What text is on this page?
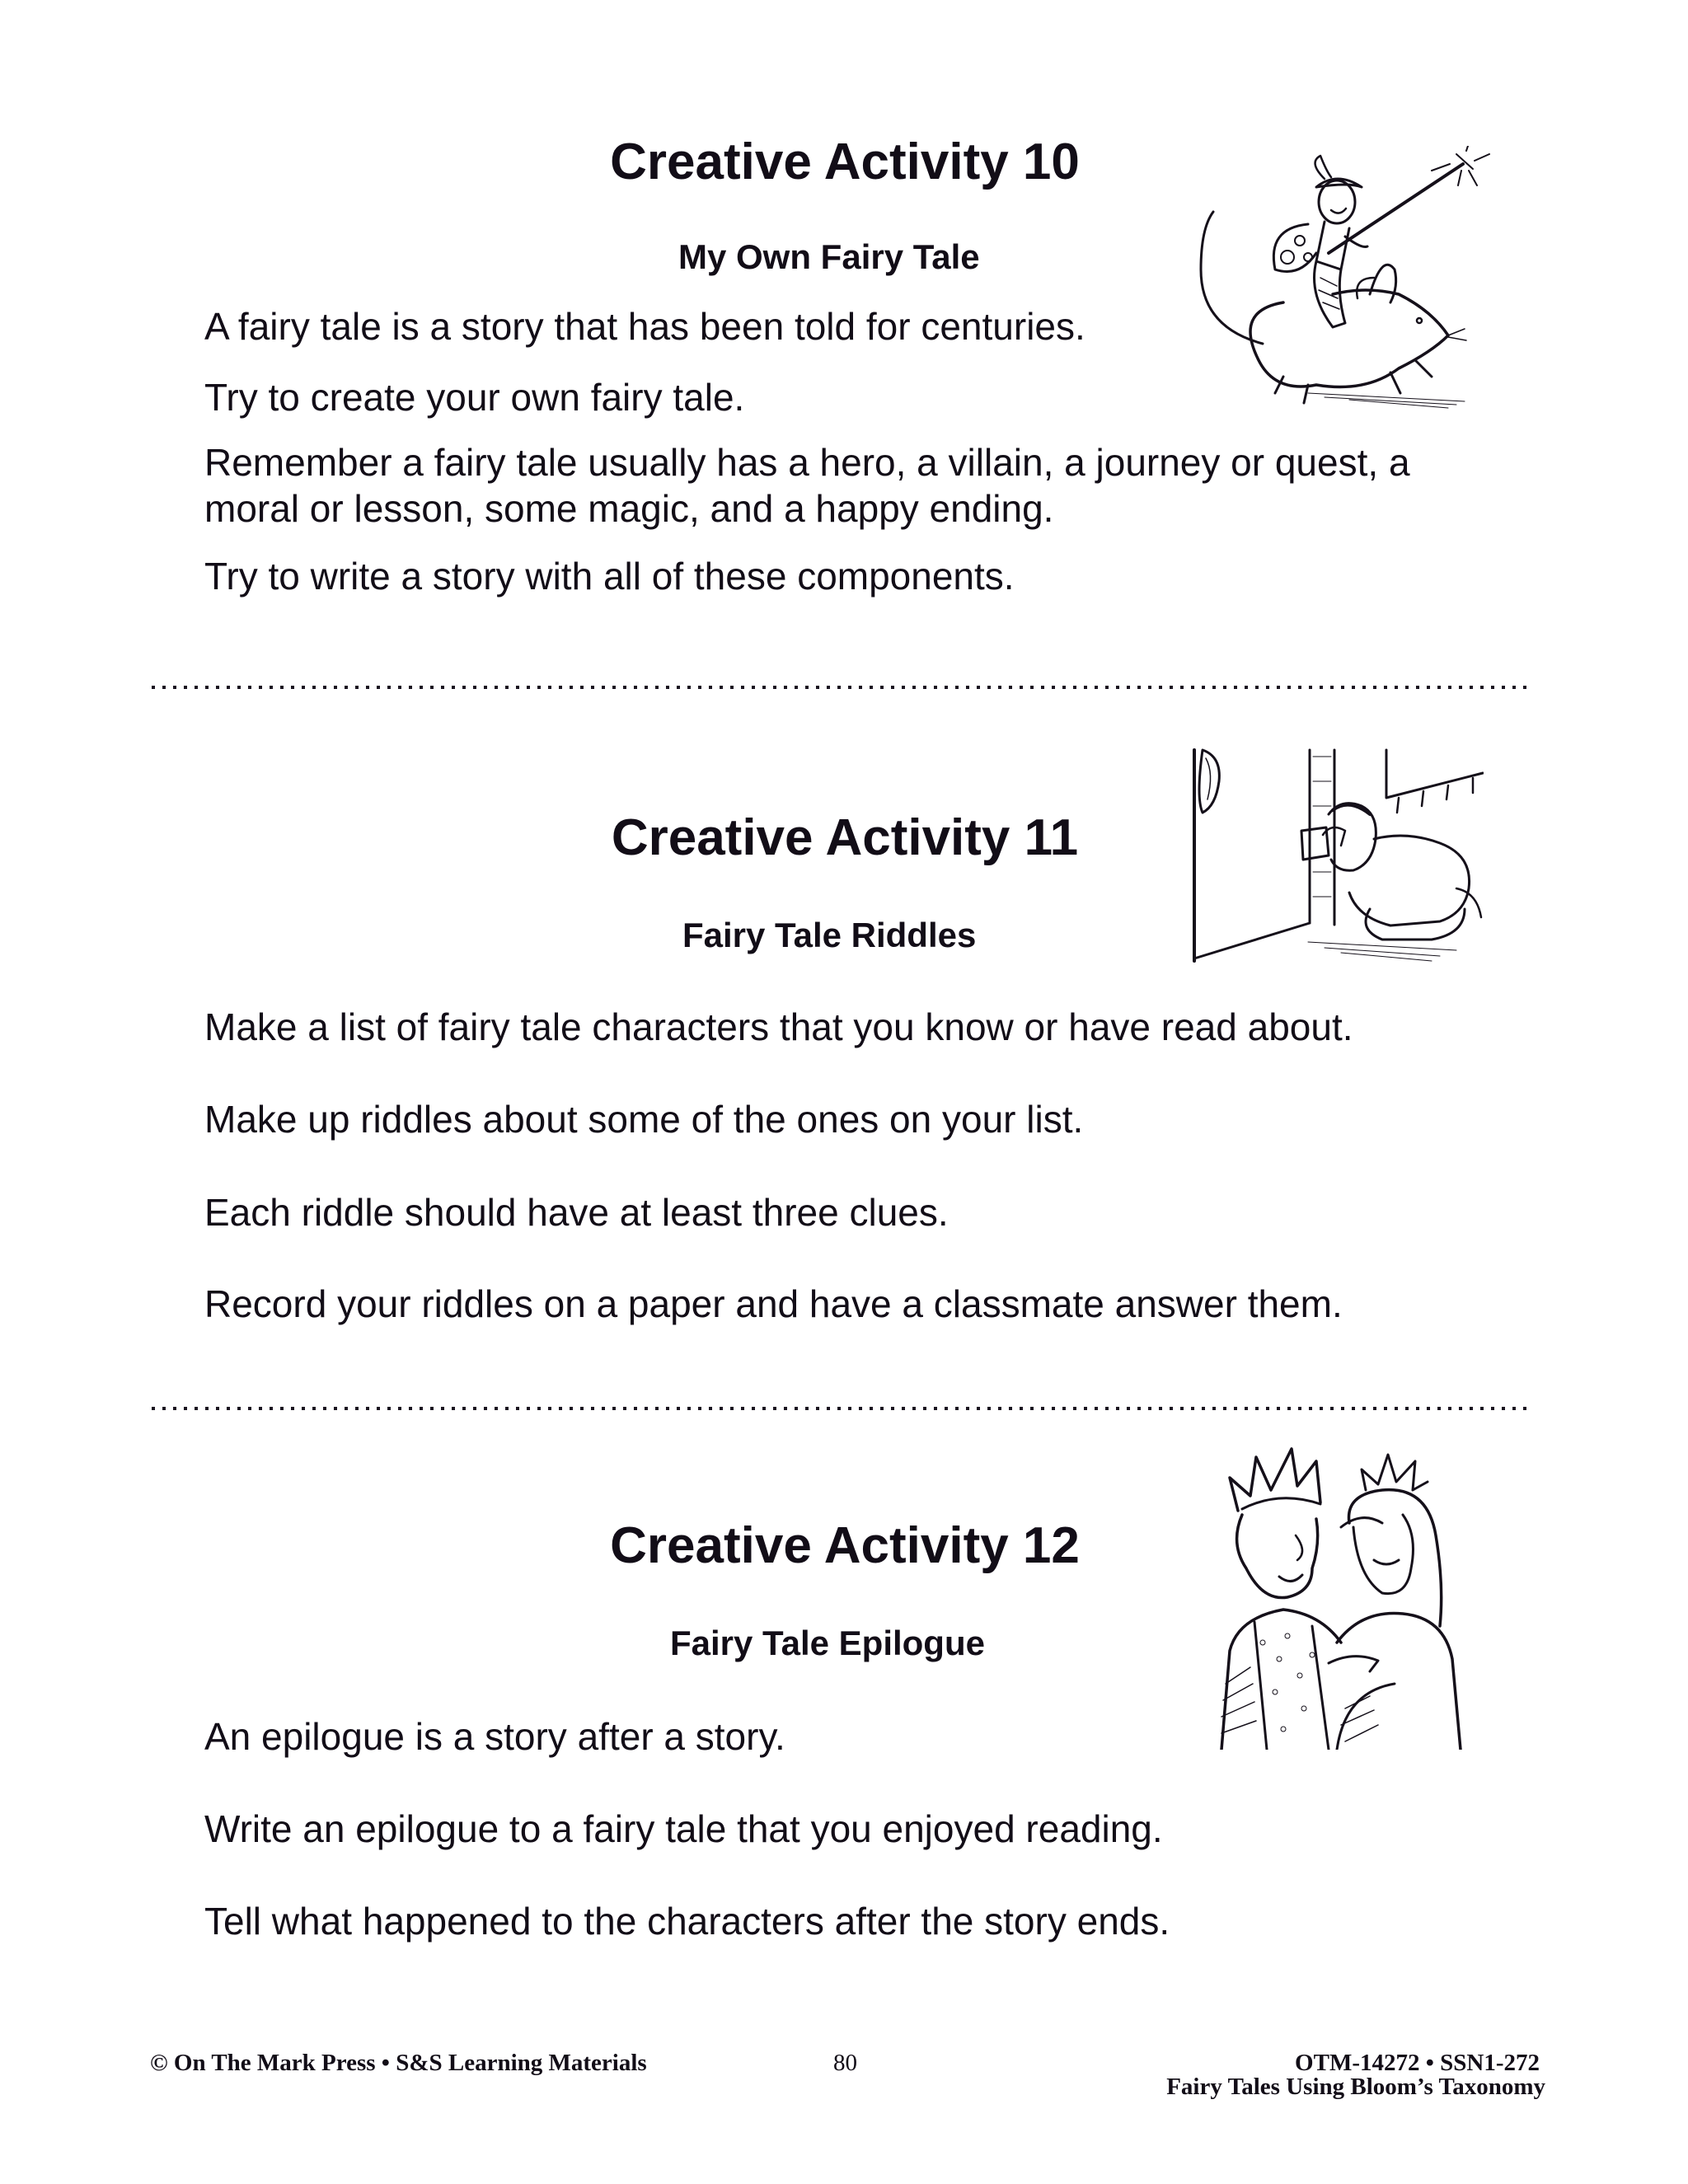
Creative Activity 10
My Own Fairy Tale
A fairy tale is a story that has been told for centuries.
Try to create your own fairy tale.
Remember a fairy tale usually has a hero, a villain, a journey or quest, a
moral or lesson, some magic, and a happy ending.
Try to write a story with all of these components.
Creative Activity 11
Fairy Tale Riddles
Make a list of fairy tale characters that you know or have read about.
Make up riddles about some of the ones on your list.
Each riddle should have at least three clues.
Record your riddles on a paper and have a classmate answer them.
Creative Activity 12
Fairy Tale Epilogue
An epilogue is a story after a story.
Write an epilogue to a fairy tale that you enjoyed reading.
Tell what happened to the characters after the story ends.
© On The Mark Press • S&S Learning Materials	80	OTM-14272 • SSN1-272
Fairy Tales Using Bloom’s Taxonomy
